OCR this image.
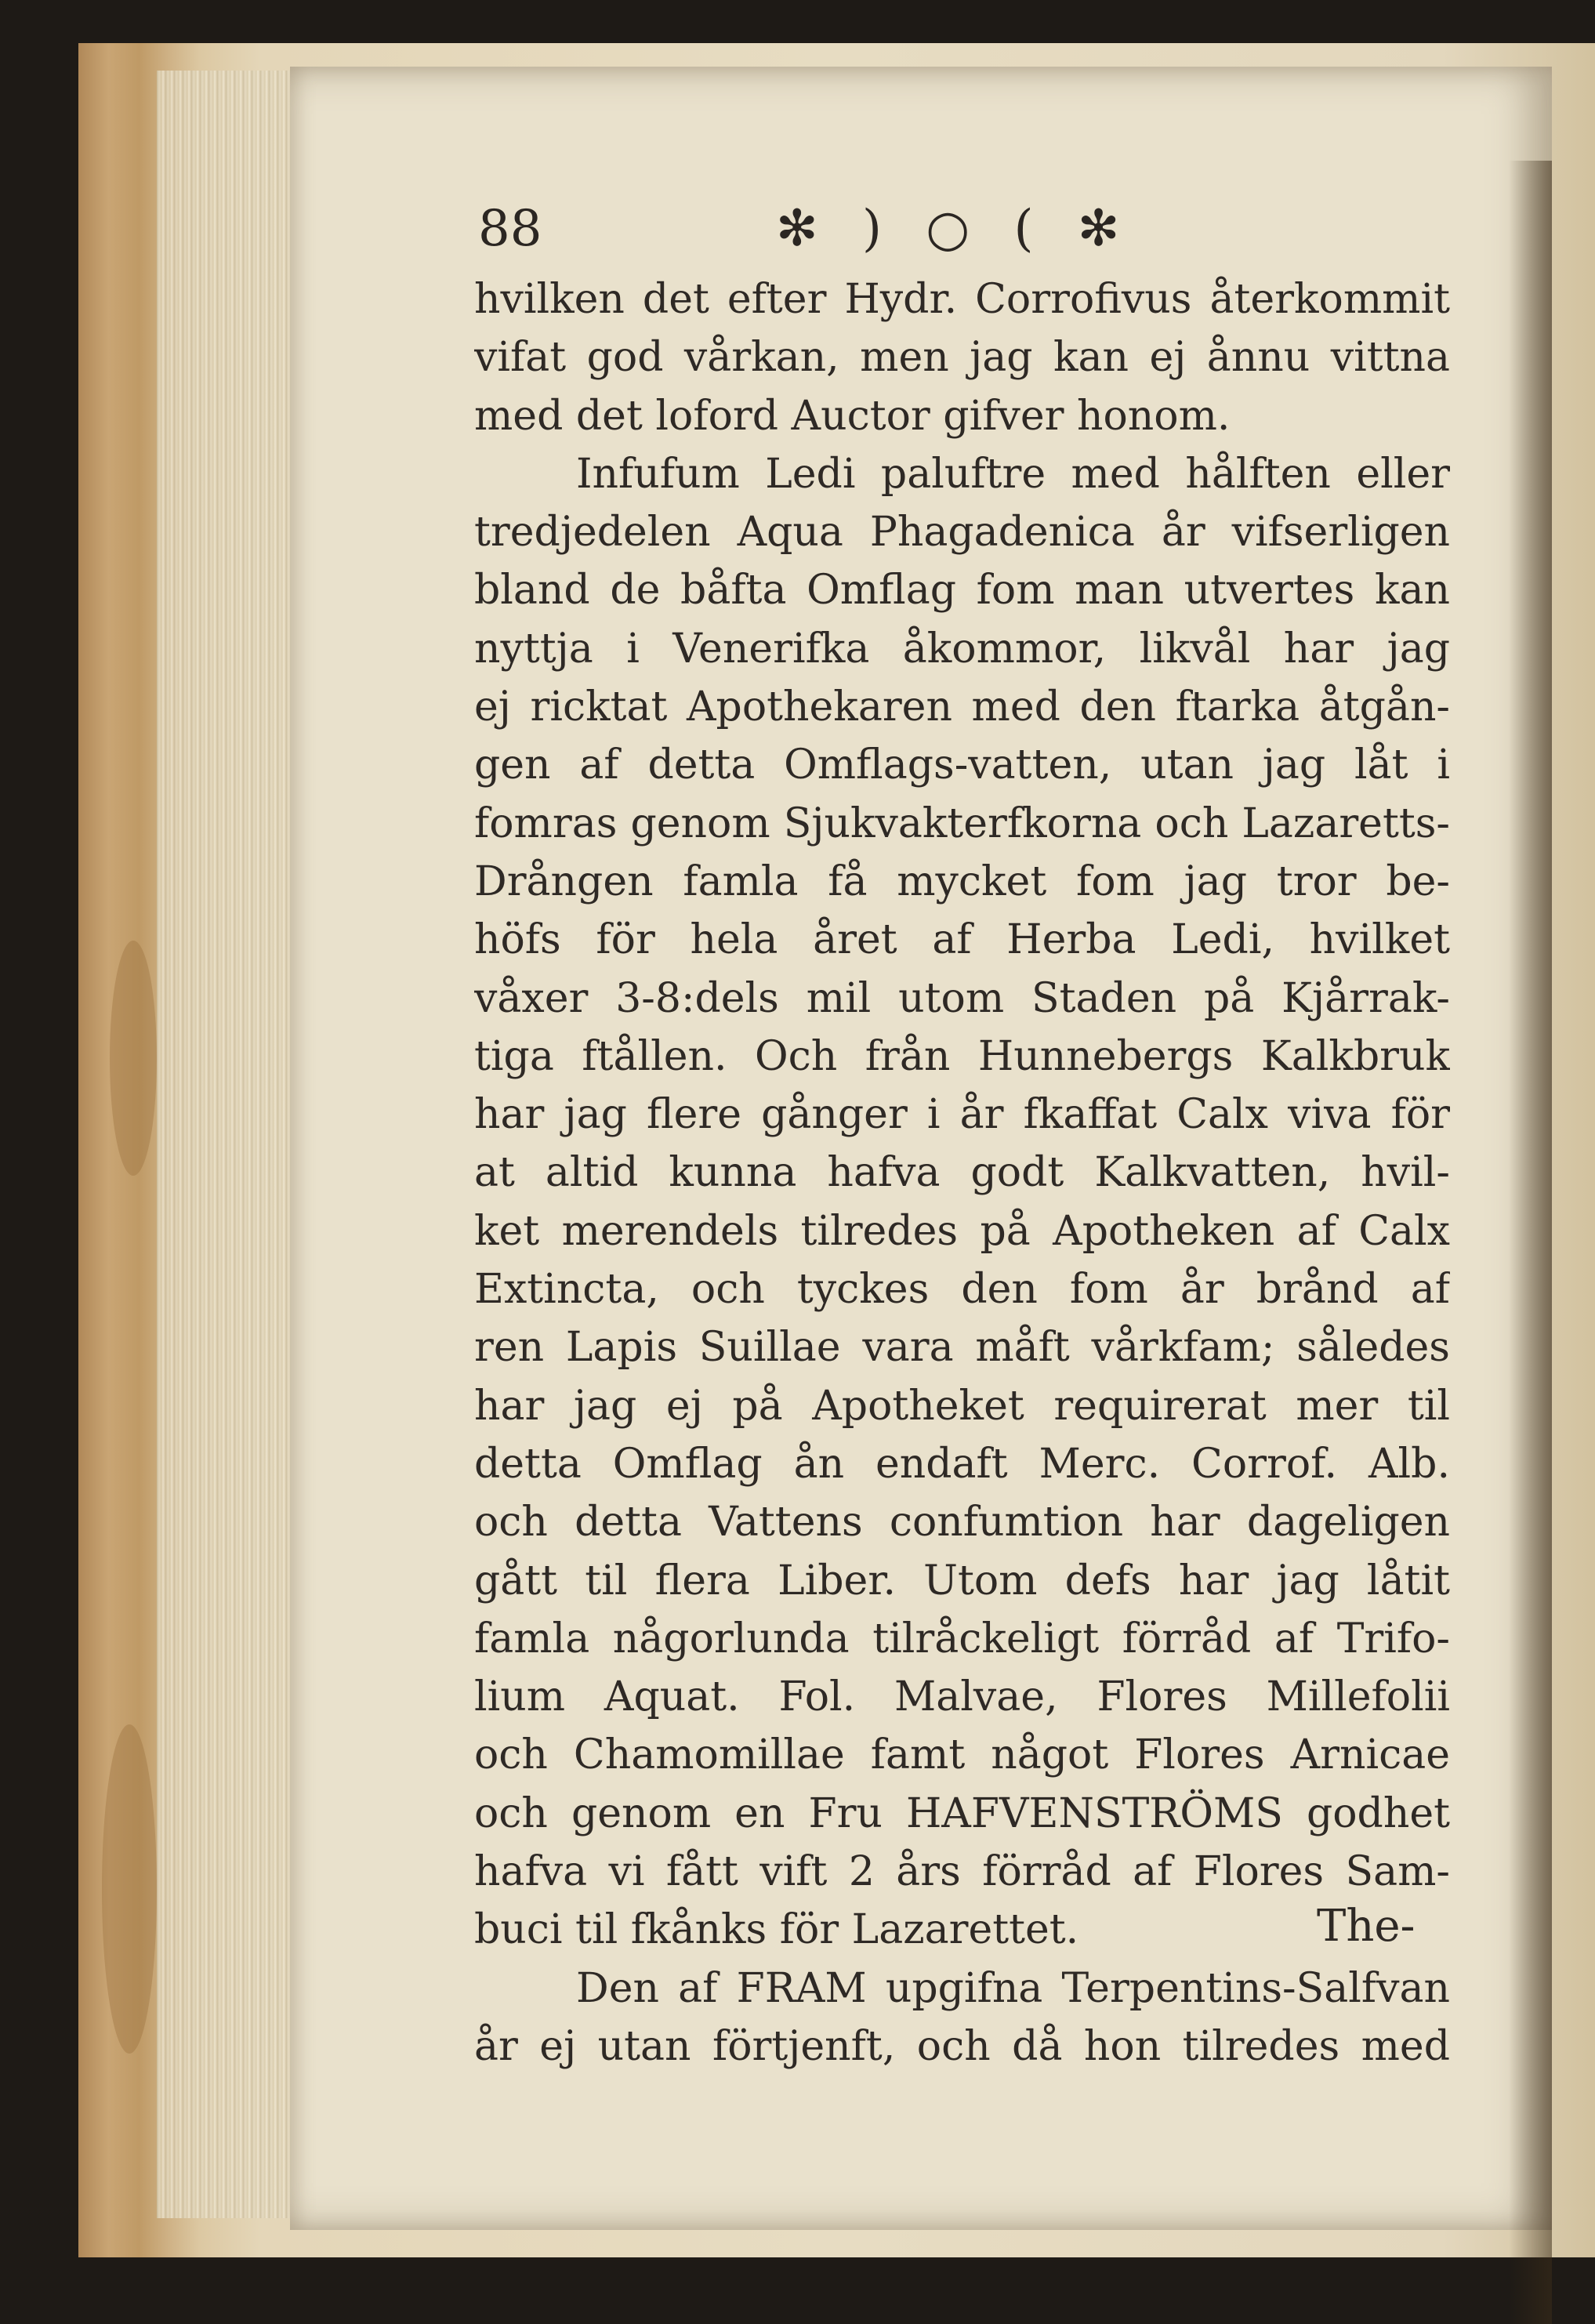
88	✻ ) ○ ( ✻
hvilken det efter Hydr. Corrofivus återkommit
vifat god vårkan, men jag kan ej ånnu vittna
med det loford Auctor gifver honom.
Infufum Ledi paluftre med hålften eller
tredjedelen Aqua Phagadenica år vifserligen
bland de båfta Omflag fom man utvertes kan
nyttja i Venerifka åkommor, likvål har jag
ej ricktat Apothekaren med den ftarka åtgån-
gen af detta Omflags-vatten, utan jag låt i
fomras genom Sjukvakterfkorna och Lazaretts-
Drången famla få mycket fom jag tror be-
höfs för hela året af Herba Ledi, hvilket
våxer 3-8:dels mil utom Staden på Kjårrak-
tiga ftållen. Och från Hunnebergs Kalkbruk
har jag flere gånger i år fkaffat Calx viva för
at altid kunna hafva godt Kalkvatten, hvil-
ket merendels tilredes på Apotheken af Calx
Extincta, och tyckes den fom år brånd af
ren Lapis Suillae vara måft vårkfam; således
har jag ej på Apotheket requirerat mer til
detta Omflag ån endaft Merc. Corrof. Alb.
och detta Vattens confumtion har dageligen
gått til flera Liber. Utom defs har jag låtit
famla någorlunda tilråckeligt förråd af Trifo-
lium Aquat. Fol. Malvae, Flores Millefolii
och Chamomillae famt något Flores Arnicae
och genom en Fru HAFVENSTRÖMS godhet
hafva vi fått vift 2 års förråd af Flores Sam-
buci til fkånks för Lazarettet.
Den af FRAM upgifna Terpentins-Salfvan
år ej utan förtjenft, och då hon tilredes med
The-
